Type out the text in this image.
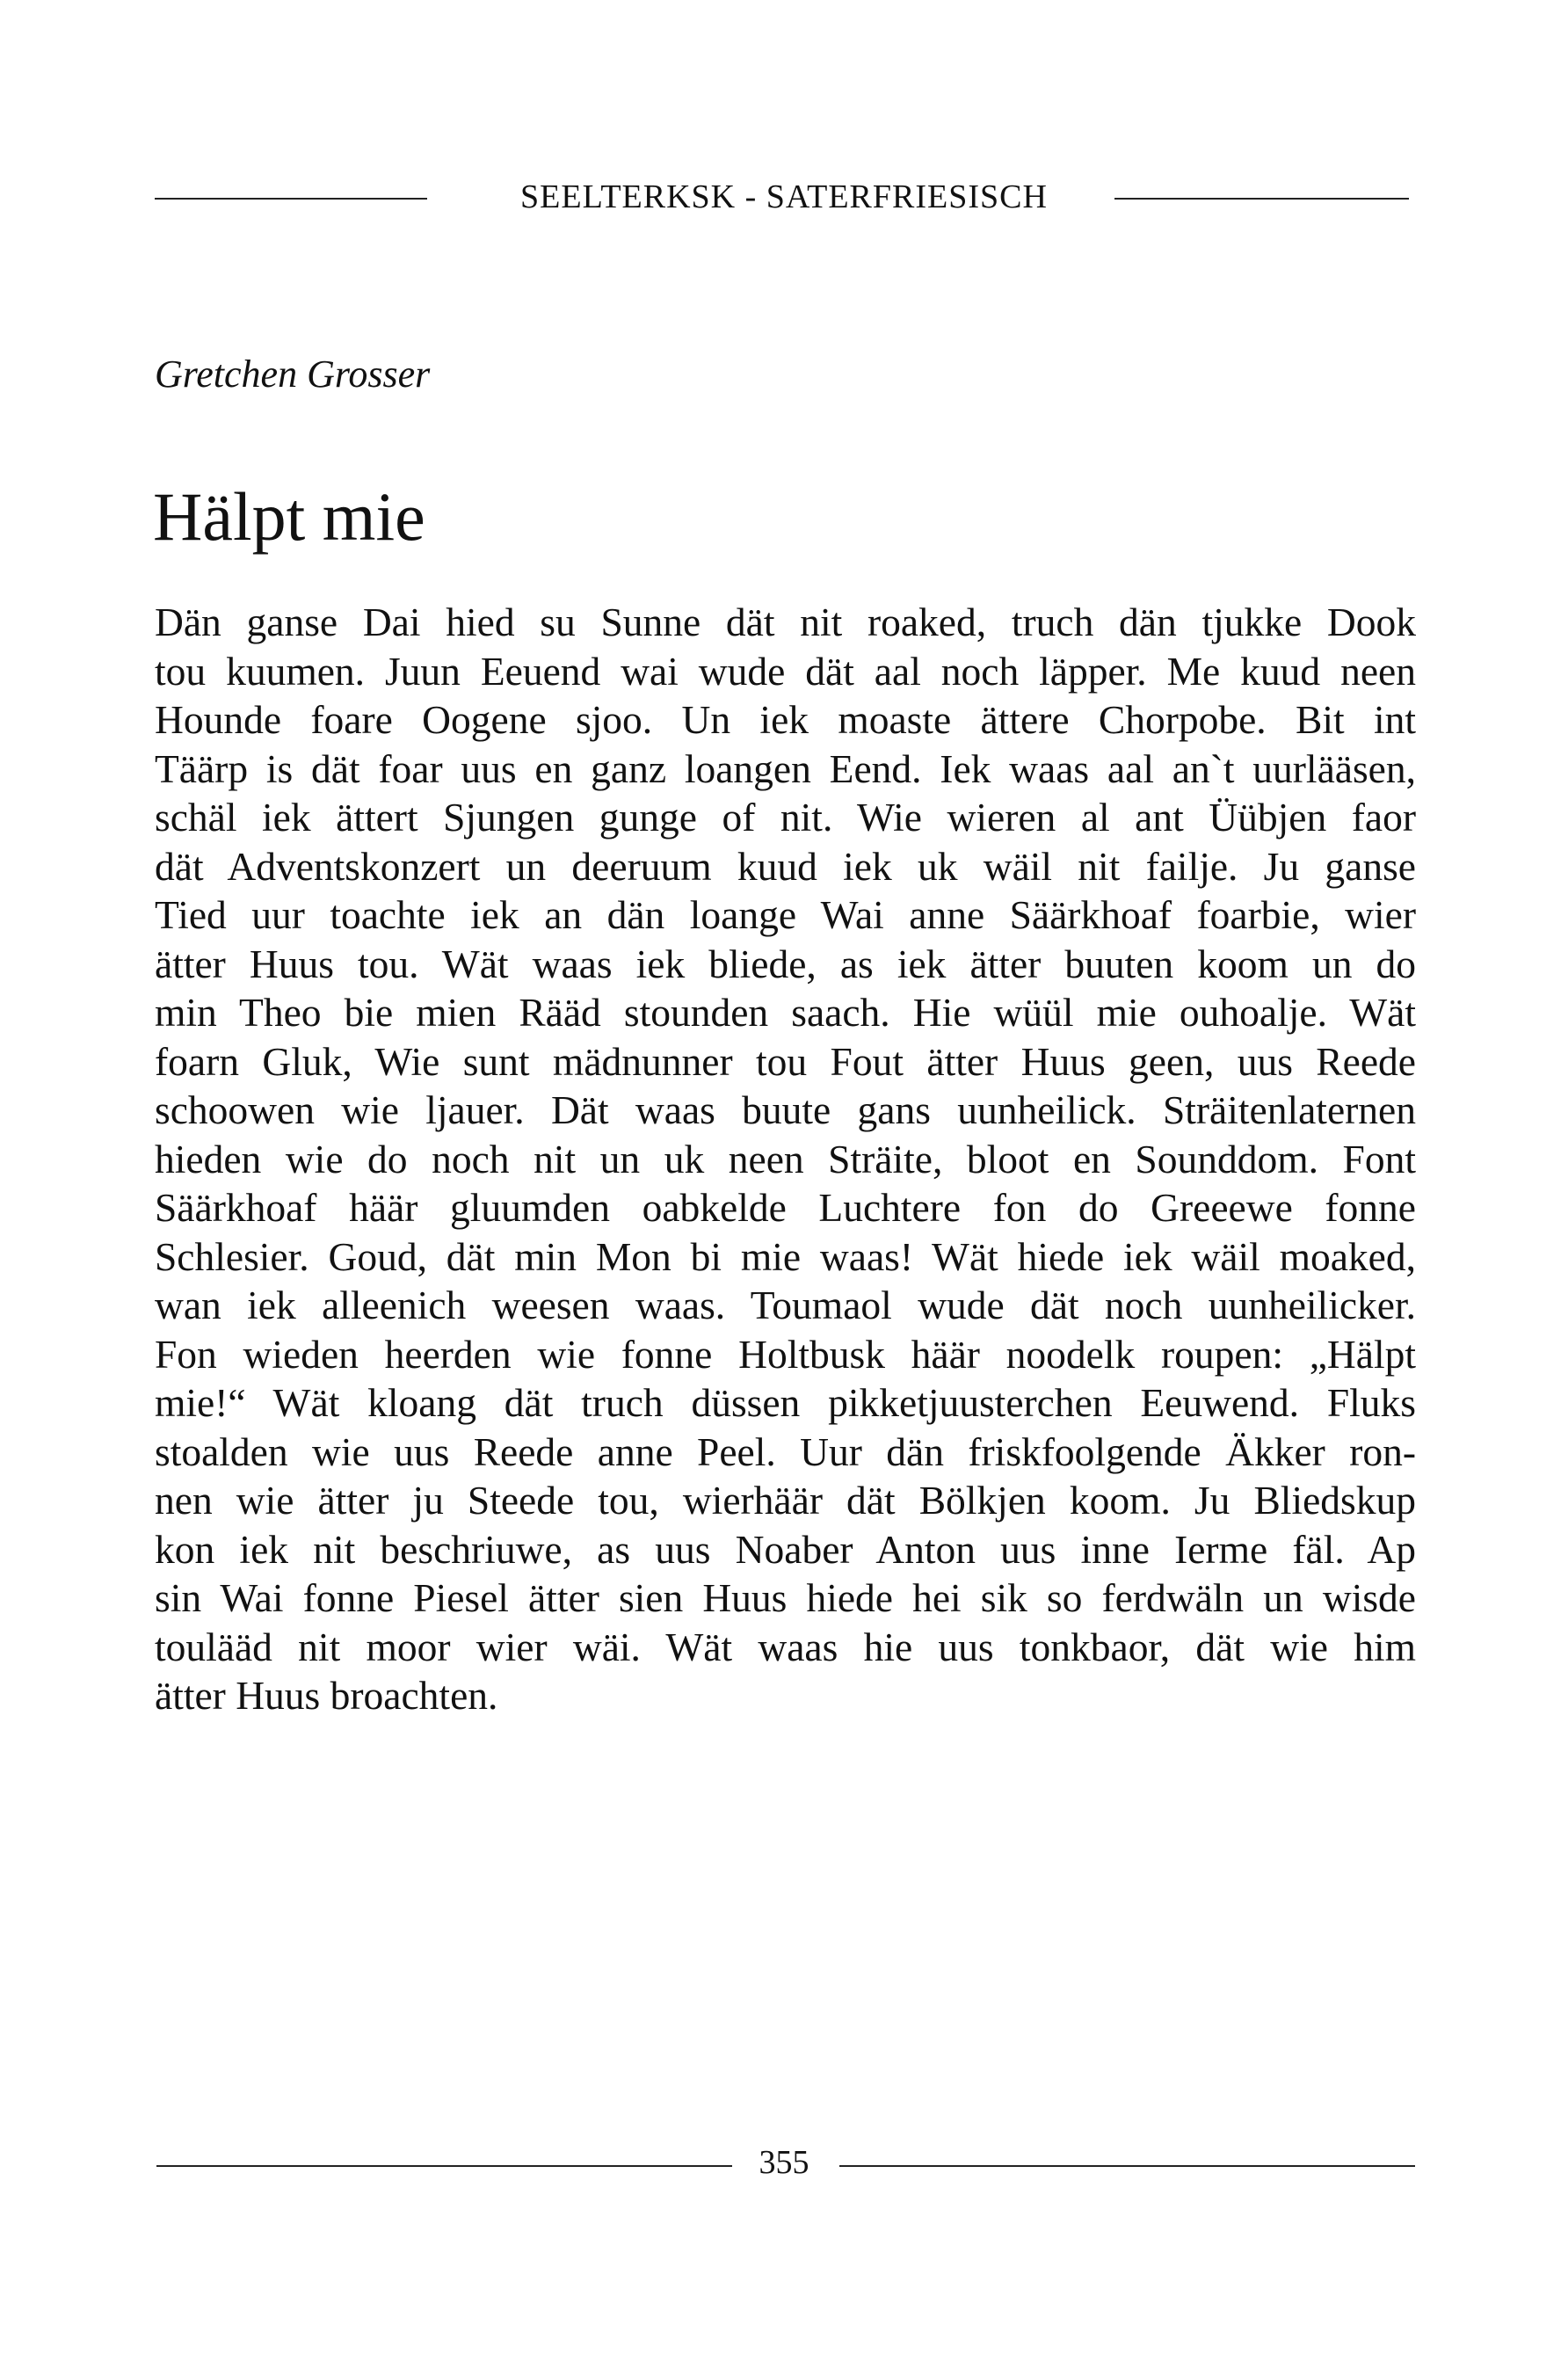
SEELTERKSK - SATERFRIESISCH
Gretchen Grosser
Hälpt mie
Dän ganse Dai hied su Sunne dät nit roaked, truch dän tjukke Dook
tou kuumen. Juun Eeuend wai wude dät aal noch läpper. Me kuud neen
Hounde foare Oogene sjoo. Un iek moaste ättere Chorpobe. Bit int
Täärp is dät foar uus en ganz loangen Eend. Iek waas aal an`t uurlääsen,
schäl iek ättert Sjungen gunge of nit. Wie wieren al ant Üübjen faor
dät Adventskonzert un deeruum kuud iek uk wäil nit failje. Ju ganse
Tied uur toachte iek an dän loange Wai anne Säärkhoaf foarbie, wier
ätter Huus tou. Wät waas iek bliede, as iek ätter buuten koom un do
min Theo bie mien Rääd stounden saach. Hie wüül mie ouhoalje. Wät
foarn Gluk, Wie sunt mädnunner tou Fout ätter Huus geen, uus Reede
schoowen wie ljauer. Dät waas buute gans uunheilick. Sträitenlaternen
hieden wie do noch nit un uk neen Sträite, bloot en Sounddom. Font
Säärkhoaf häär gluumden oabkelde Luchtere fon do Greeewe fonne
Schlesier. Goud, dät min Mon bi mie waas! Wät hiede iek wäil moaked,
wan iek alleenich weesen waas. Toumaol wude dät noch uunheilicker.
Fon wieden heerden wie fonne Holtbusk häär noodelk roupen: „Hälpt
mie!“ Wät kloang dät truch düssen pikketjuusterchen Eeuwend. Fluks
stoalden wie uus Reede anne Peel. Uur dän friskfoolgende Äkker ron-
nen wie ätter ju Steede tou, wierhäär dät Bölkjen koom. Ju Bliedskup
kon iek nit beschriuwe, as uus Noaber Anton uus inne Ierme fäl. Ap
sin Wai fonne Piesel ätter sien Huus hiede hei sik so ferdwäln un wisde
toulääd nit moor wier wäi. Wät waas hie uus tonkbaor, dät wie him
ätter Huus broachten.
355
